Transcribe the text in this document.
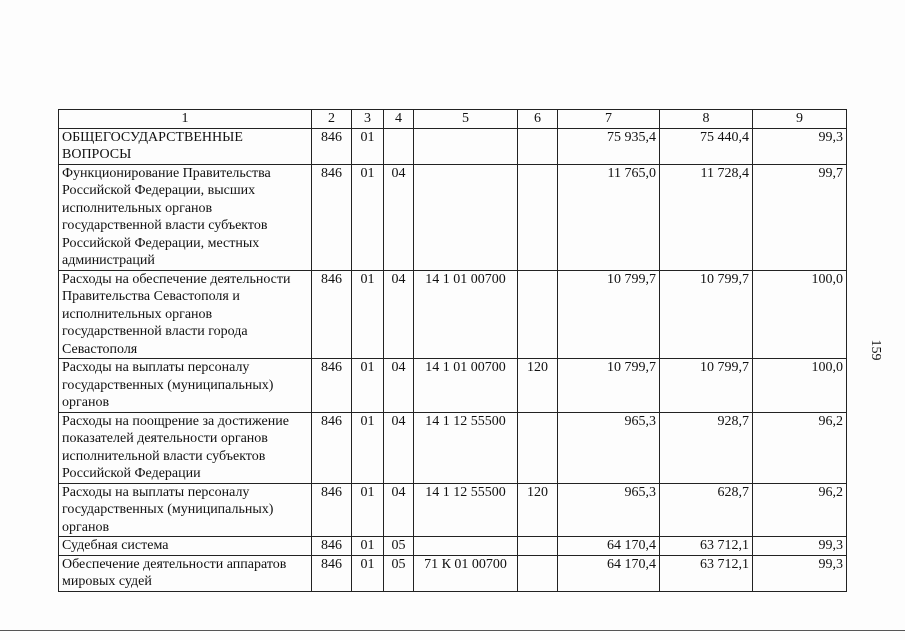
159
1	2	3	4	5	6	7	8	9
ОБЩЕГОСУДАРСТВЕННЫЕ ВОПРОСЫ	846	01				75 935,4	75 440,4	99,3
Функционирование Правительства Российской Федерации, высших исполнительных органов государственной власти субъектов Российской Федерации, местных администраций	846	01	04			11 765,0	11 728,4	99,7
Расходы на обеспечение деятельности Правительства Севастополя и исполнительных органов государственной власти города Севастополя	846	01	04	14 1 01 00700		10 799,7	10 799,7	100,0
Расходы на выплаты персоналу государственных (муниципальных) органов	846	01	04	14 1 01 00700	120	10 799,7	10 799,7	100,0
Расходы на поощрение за достижение показателей деятельности органов исполнительной власти субъектов Российской Федерации	846	01	04	14 1 12 55500		965,3	928,7	96,2
Расходы на выплаты персоналу государственных (муниципальных) органов	846	01	04	14 1 12 55500	120	965,3	628,7	96,2
Судебная система	846	01	05			64 170,4	63 712,1	99,3
Обеспечение деятельности аппаратов мировых судей	846	01	05	71 К 01 00700		64 170,4	63 712,1	99,3
